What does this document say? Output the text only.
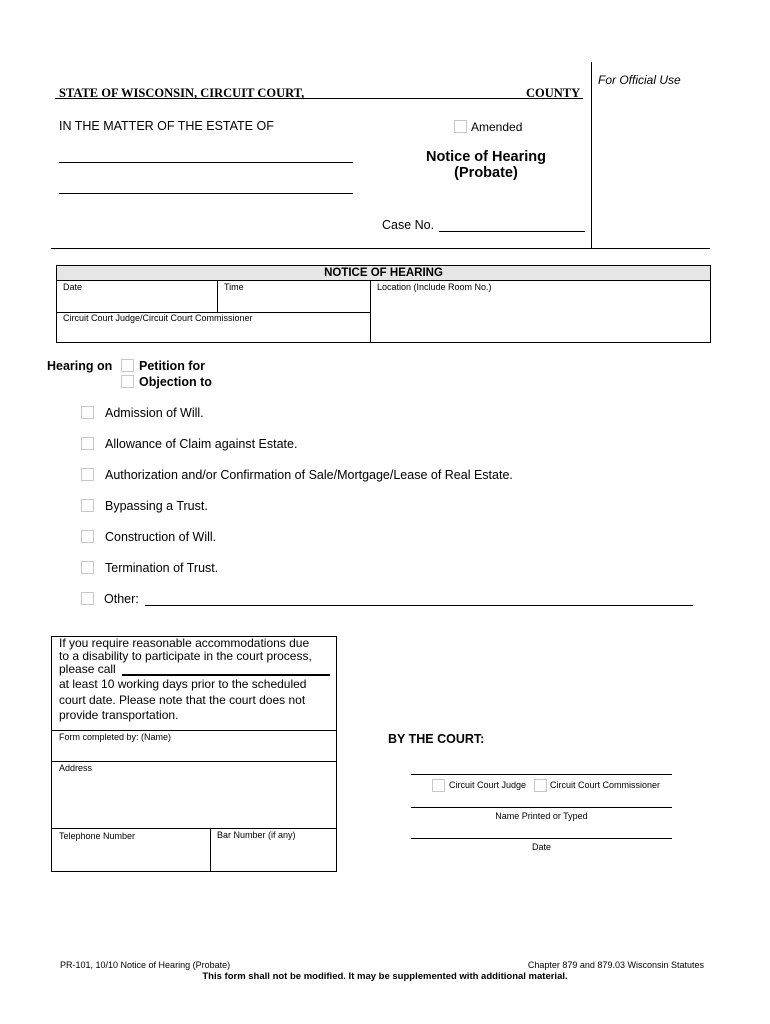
For Official Use
STATE OF WISCONSIN, CIRCUIT COURT,	COUNTY
IN THE MATTER OF THE ESTATE OF	Amended
Notice of Hearing
(Probate)
Case No.
NOTICE OF HEARING
Date	Time	Location (Include Room No.)
Circuit Court Judge/Circuit Court Commissioner
Hearing on Petition for
Objection to
Admission of Will.
Allowance of Claim against Estate.
Authorization and/or Confirmation of Sale/Mortgage/Lease of Real Estate.
Bypassing a Trust.
Construction of Will.
Termination of Trust.
Other:
If you require reasonable accommodations due
to a disability to participate in the court process,
please call
at least 10 working days prior to the scheduled
court date. Please note that the court does not
provide transportation.
Form completed by: (Name)
Address
Telephone Number	Bar Number (if any)
BY THE COURT:
Circuit Court Judge	Circuit Court Commissioner
Name Printed or Typed
Date
PR-101, 10/10 Notice of Hearing (Probate)	Chapter 879 and 879.03 Wisconsin Statutes
This form shall not be modified. It may be supplemented with additional material.
